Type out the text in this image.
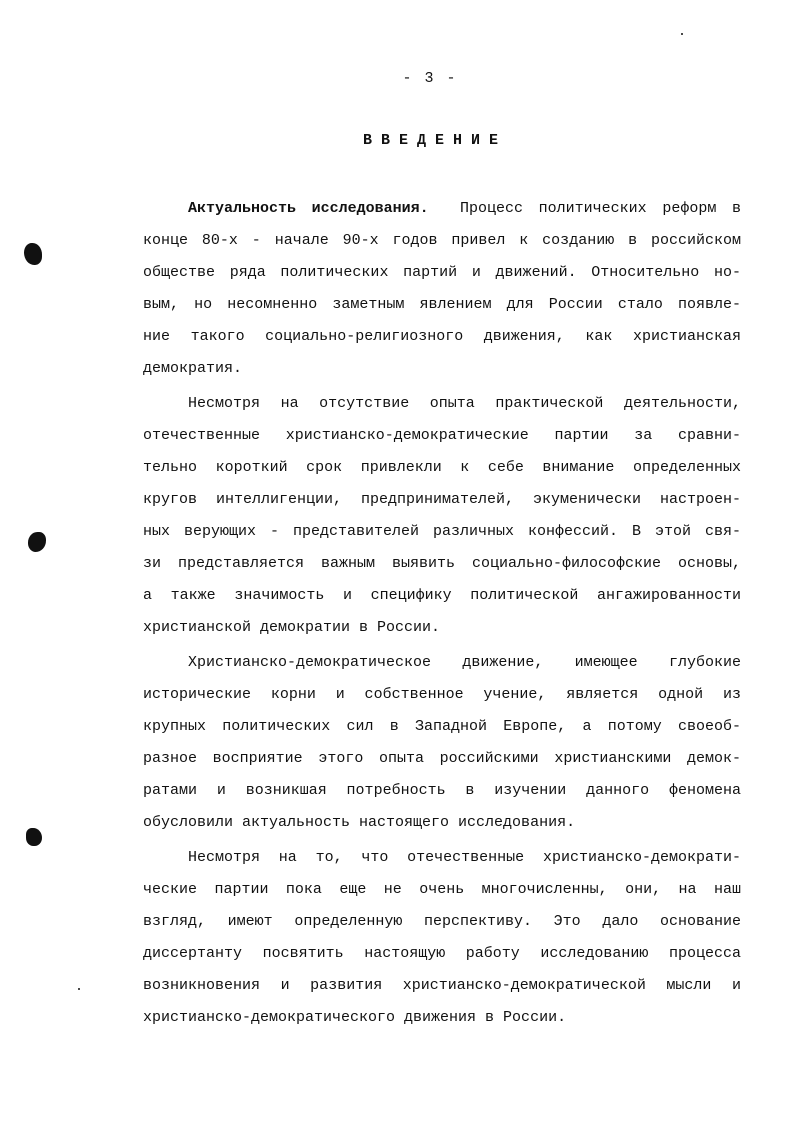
- 3 -
ВВЕДЕНИЕ
Актуальность исследования. Процесс политических реформ в
конце 80-х - начале 90-х годов привел к созданию в российском
обществе ряда политических партий и движений. Относительно но-
вым, но несомненно заметным явлением для России стало появле-
ние такого социально-религиозного движения, как христианская
демократия.
Несмотря на отсутствие опыта практической деятельности,
отечественные христианско-демократические партии за сравни-
тельно короткий срок привлекли к себе внимание определенных
кругов интеллигенции, предпринимателей, экуменически настроен-
ных верующих - представителей различных конфессий. В этой свя-
зи представляется важным выявить социально-философские основы,
а также значимость и специфику политической ангажированности
христианской демократии в России.
Христианско-демократическое движение, имеющее глубокие
исторические корни и собственное учение, является одной из
крупных политических сил в Западной Европе, а потому своеоб-
разное восприятие этого опыта российскими христианскими демок-
ратами и возникшая потребность в изучении данного феномена
обусловили актуальность настоящего исследования.
Несмотря на то, что отечественные христианско-демократи-
ческие партии пока еще не очень многочисленны, они, на наш
взгляд, имеют определенную перспективу. Это дало основание
диссертанту посвятить настоящую работу исследованию процесса
возникновения и развития христианско-демократической мысли и
христианско-демократического движения в России.
